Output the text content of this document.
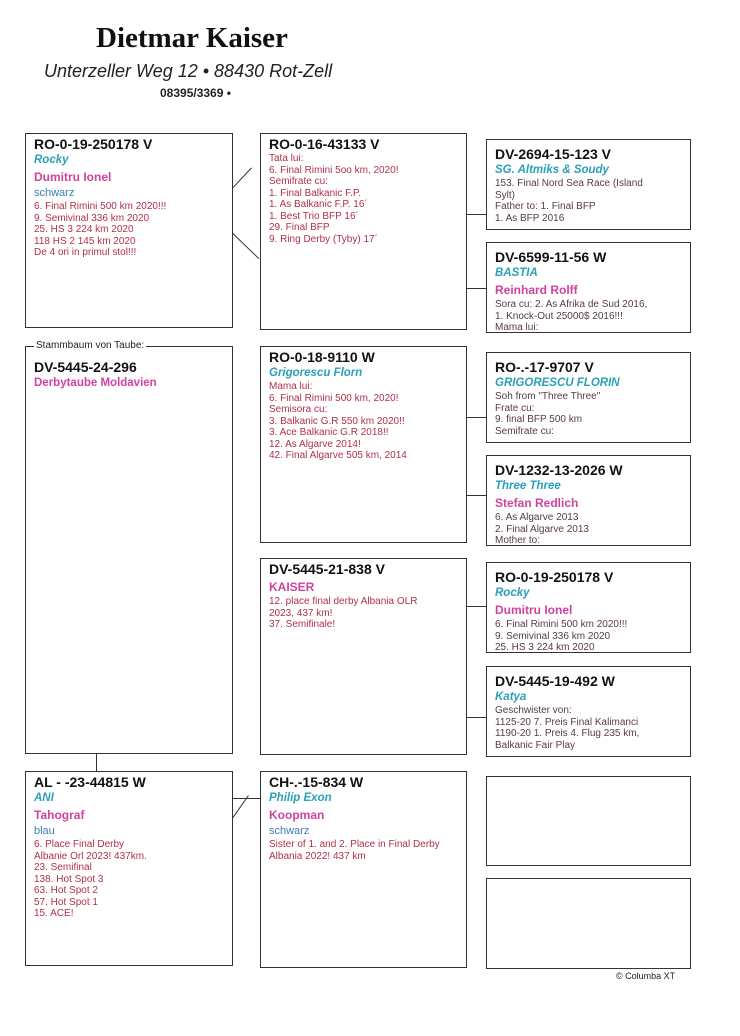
Dietmar Kaiser
Unterzeller Weg 12 • 88430 Rot-Zell
08395/3369 •
RO-0-19-250178 V
Rocky
Dumitru Ionel
schwarz
6. Final Rimini 500 km 2020!!!
9. Semivinal 336 km 2020
25. HS 3 224 km 2020
118 HS 2 145 km 2020
De 4 ori in primul stol!!!
DV-5445-24-296
Derbytaube Moldavien
Stammbaum von Taube:
AL - -23-44815 W
ANI
Tahograf
blau
6. Place Final Derby
Albanie Orl 2023! 437km.
23. Semifinal
138. Hot Spot 3
63. Hot Spot 2
57. Hot Spot 1
15. ACE!
RO-0-16-43133 V
Tata lui:
6. Final Rimini 5oo km, 2020!
Semifrate cu:
1. Final Balkanic F.P.
1. As Balkanic F.P. 16´
1. Best Trio BFP 16´
29. Final BFP
9. Ring Derby (Tyby) 17´
RO-0-18-9110 W
Grigorescu Florn
Mama lui:
6. Final Rimini 500 km, 2020!
Semisora cu:
3. Balkanic G.R 550 km 2020!!
3. Ace Balkanic G.R 2018!!
12. As Algarve 2014!
42. Final Algarve 505 km, 2014
DV-5445-21-838 V
KAISER
12. place final derby Albania OLR
2023, 437 km!
37. Semifinale!
CH-.-15-834 W
Philip Exon
Koopman
schwarz
Sister of 1. and 2. Place in Final Derby
Albania 2022! 437 km
DV-2694-15-123 V
SG. Altmiks & Soudy
153. Final Nord Sea Race (Island
Sylt)
Father to: 1. Final BFP
1. As BFP 2016
DV-6599-11-56 W
BASTIA
Reinhard Rolff
Sora cu: 2. As Afrika de Sud 2016,
1. Knock-Out 25000$ 2016!!!
Mama lui:
RO-.-17-9707 V
GRIGORESCU FLORIN
Soh from "Three Three"
Frate cu:
9. final BFP 500 km
Semifrate cu:
DV-1232-13-2026 W
Three Three
Stefan Redlich
6. As Algarve 2013
2. Final Algarve 2013
Mother to:
RO-0-19-250178 V
Rocky
Dumitru Ionel
6. Final Rimini 500 km 2020!!!
9. Semivinal 336 km 2020
25. HS 3 224 km 2020
DV-5445-19-492 W
Katya
Geschwister von:
1125-20 7. Preis Final Kalimanci
1190-20 1. Preis 4. Flug 235 km,
Balkanic Fair Play
© Columba XT
